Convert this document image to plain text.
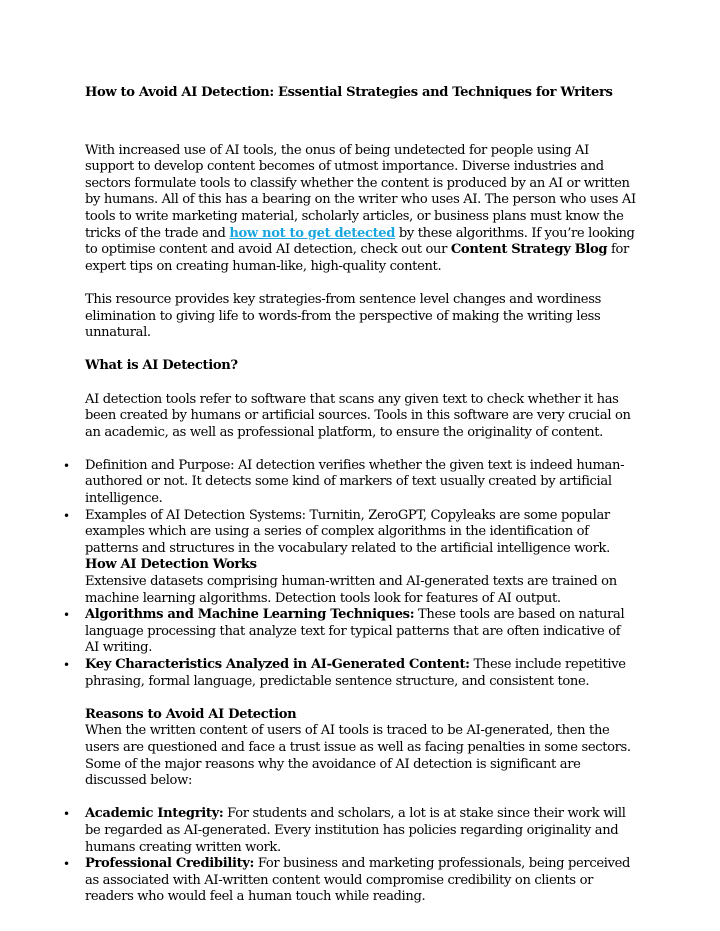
How to Avoid AI Detection: Essential Strategies and Techniques for Writers

With increased use of AI tools, the onus of being undetected for people using AI support to develop content becomes of utmost importance. Diverse industries and sectors formulate tools to classify whether the content is produced by an AI or written by humans. All of this has a bearing on the writer who uses AI. The person who uses AI tools to write marketing material, scholarly articles, or business plans must know the tricks of the trade and how not to get detected by these algorithms. If you’re looking to optimise content and avoid AI detection, check out our Content Strategy Blog for expert tips on creating human-like, high-quality content.

This resource provides key strategies-from sentence level changes and wordiness elimination to giving life to words-from the perspective of making the writing less unnatural.

What is AI Detection?

AI detection tools refer to software that scans any given text to check whether it has been created by humans or artificial sources. Tools in this software are very crucial on an academic, as well as professional platform, to ensure the originality of content.

• Definition and Purpose: AI detection verifies whether the given text is indeed human-authored or not. It detects some kind of markers of text usually created by artificial intelligence.
• Examples of AI Detection Systems: Turnitin, ZeroGPT, Copyleaks are some popular examples which are using a series of complex algorithms in the identification of patterns and structures in the vocabulary related to the artificial intelligence work.
How AI Detection Works
Extensive datasets comprising human-written and AI-generated texts are trained on machine learning algorithms. Detection tools look for features of AI output.
• Algorithms and Machine Learning Techniques: These tools are based on natural language processing that analyze text for typical patterns that are often indicative of AI writing.
• Key Characteristics Analyzed in AI-Generated Content: These include repetitive phrasing, formal language, predictable sentence structure, and consistent tone.

Reasons to Avoid AI Detection

When the written content of users of AI tools is traced to be AI-generated, then the users are questioned and face a trust issue as well as facing penalties in some sectors. Some of the major reasons why the avoidance of AI detection is significant are discussed below:

• Academic Integrity: For students and scholars, a lot is at stake since their work will be regarded as AI-generated. Every institution has policies regarding originality and humans creating written work.
• Professional Credibility: For business and marketing professionals, being perceived as associated with AI-written content would compromise credibility on clients or readers who would feel a human touch while reading.
